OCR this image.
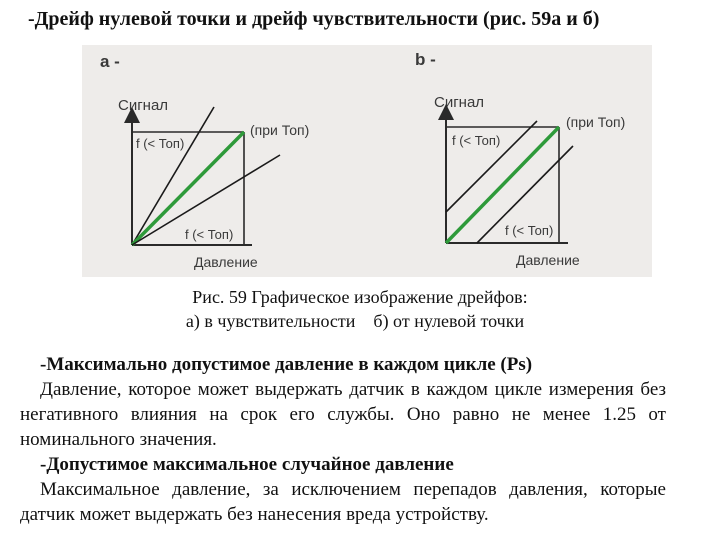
-Дрейф нулевой точки и дрейф чувствительности (рис. 59а и б)
a -
Сигнал
f (< Топ)
f (< Топ)
(при Топ)
Давление
b -
Сигнал
f (< Топ)
f (< Топ)
(при Топ)
Давление
Рис. 59 Графическое изображение дрейфов:
а) в чувствительности    б) от нулевой точки

-Максимально допустимое давление в каждом цикле (Ps)

Давление, которое может выдержать датчик в каждом цикле измерения без негативного влияния на срок его службы. Оно равно не менее 1.25 от номинального значения.

-Допустимое максимальное случайное давление

Максимальное давление, за исключением перепадов давления, которые датчик может выдержать без нанесения вреда устройству.
